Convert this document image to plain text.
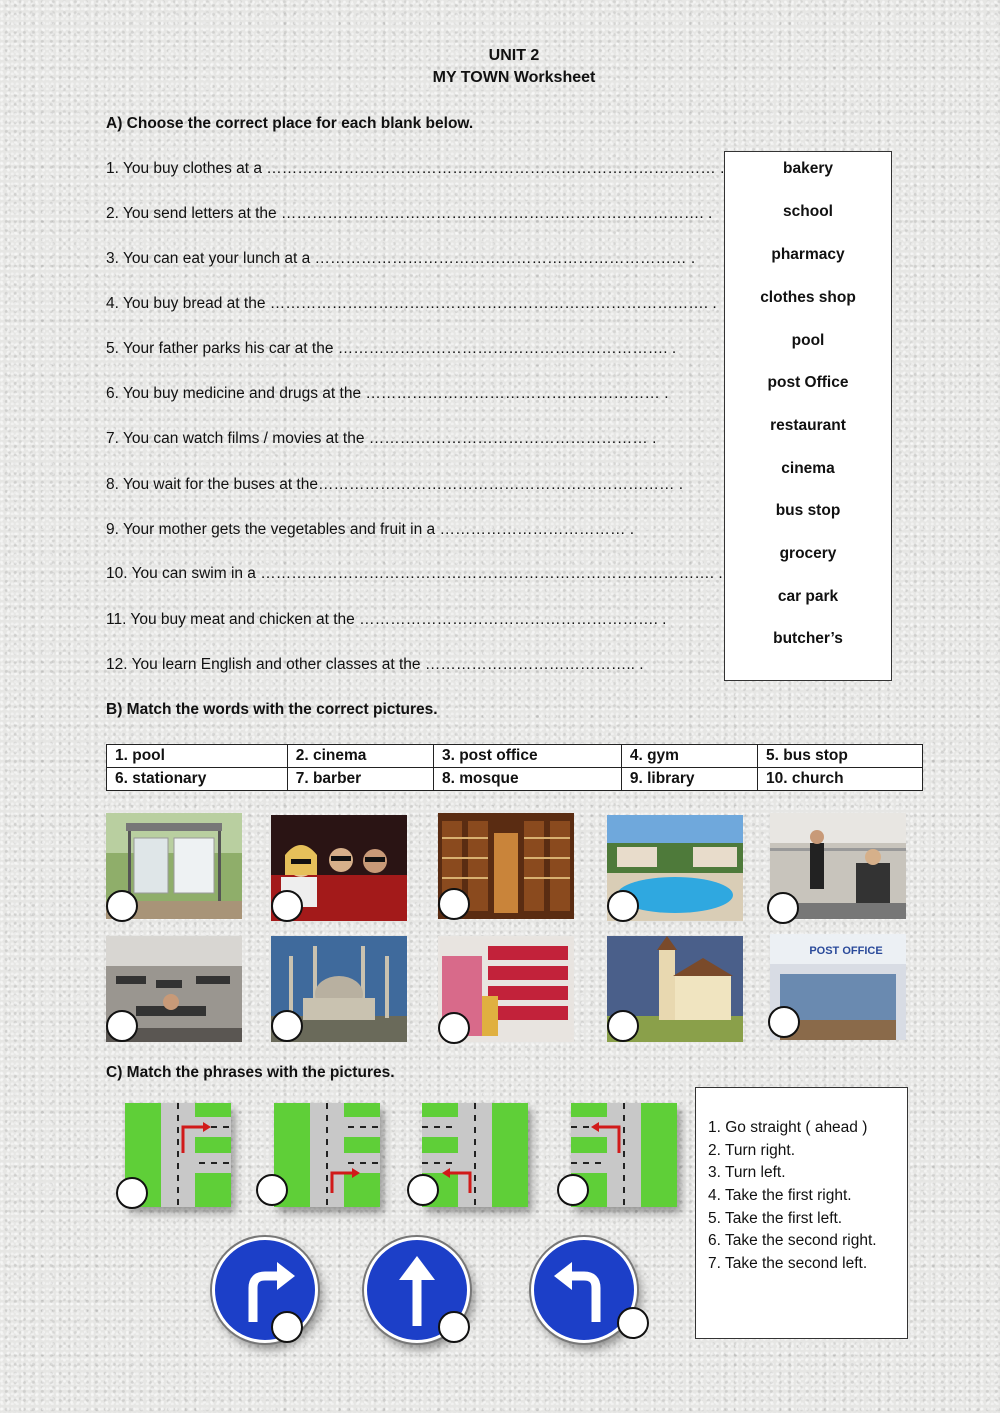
UNIT 2
MY TOWN Worksheet
A) Choose the correct place for each blank below.
1. You buy clothes at a …………………………………………………………………………… .
2. You send letters at the ………………………………………………………………………. .
3. You can eat your lunch at a ……………………………………………………………… .
4. You buy bread at the …………………………………………………………………………. .
5. Your father parks his car at the ………………………………………………………. .
6. You buy medicine and drugs at the ………………………………………………… .
7. You can watch films / movies at the ……………………………………………… .
8. You wait for the buses at the…………………………………………………………… .
9. Your mother gets the vegetables and fruit in a ……………………………… .
10. You can swim in a ……………………………………………………………………………. .
11. You buy meat and chicken at the …………………………………………………. .
12. You learn English and other classes at the ………………………………….. .
bakery
school
pharmacy
clothes shop
pool
post Office
restaurant
cinema
bus stop
grocery
car park
butcher’s
B) Match the words with the correct pictures.
1. pool	2. cinema	3. post office	4. gym	5. bus stop
6. stationary	7. barber	8. mosque	9. library	10. church
POST OFFICE
C) Match the phrases with the pictures.
1. Go straight ( ahead )
2. Turn right.
3. Turn left.
4. Take the first right.
5. Take the first left.
6. Take the second right.
7. Take the second left.
